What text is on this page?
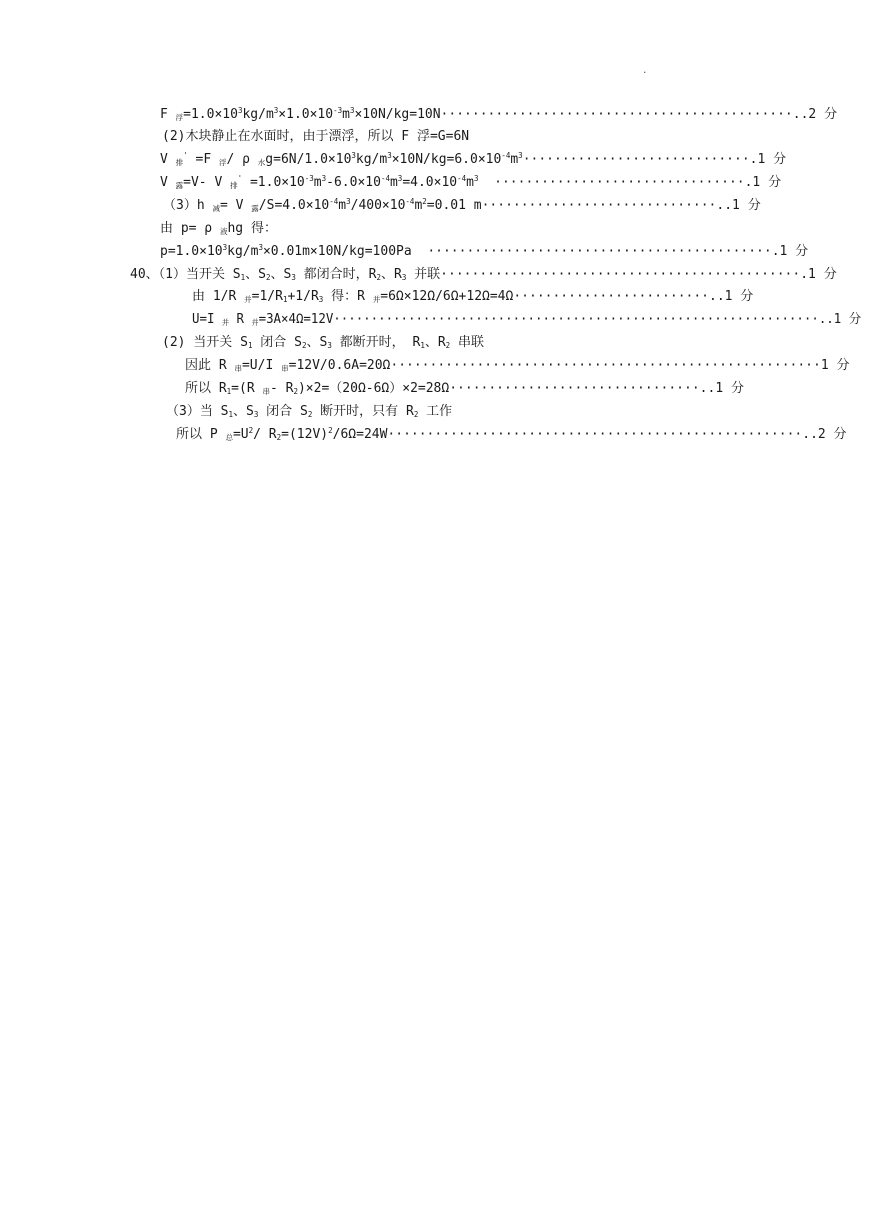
.
F $_浮=1.0\times 10^3kg/m^3\times 1.0\times 10^{-3}m^3\times 10N/kg=10N\cdot\cdot\cdot\cdot\cdot\cdot\cdot\cdot\cdot\cdot\cdot\cdot\cdot\cdot\cdot\cdot\cdot\cdot\cdot\cdot\cdot\cdot\cdot\cdot\cdot\cdot\cdot\cdot\cdot\cdot\cdot\cdot\cdot\cdot\cdot\cdot\cdot\cdot\cdot\cdot\cdot\cdot\cdot\cdot\cdot..2$ 分
(2)木块静止在水面时，由于漂浮，所以 F 浮=G=6N
V $_排$' =F $_浮$/ ρ $_水g=6N/1.0\times 10^3kg/m^3\times 10N/kg=6.0\times 10^{-4}m^3\cdot\cdot\cdot\cdot\cdot\cdot\cdot\cdot\cdot\cdot\cdot\cdot\cdot\cdot\cdot\cdot\cdot\cdot\cdot\cdot\cdot\cdot\cdot\cdot\cdot\cdot\cdot\cdot\cdot.1$ 分
V $_露$=V- V $_排' =1.0\times 10^{-3}m^3-6.0\times 10^{-4}m^3=4.0\times 10^{-4}m^3 \cdot\cdot\cdot\cdot\cdot\cdot\cdot\cdot\cdot\cdot\cdot\cdot\cdot\cdot\cdot\cdot\cdot\cdot\cdot\cdot\cdot\cdot\cdot\cdot\cdot\cdot\cdot\cdot\cdot\cdot\cdot\cdot.1$ 分
（3）h $_减$= V $_露/S=4.0\times 10^{-4}m^3/400\times 10^{-4}m^2=0.01$ m······························..1 分
由 p= ρ $_液$hg 得：
$p=1.0\times 10^3kg/m^3\times 0.01m\times 10N/kg=100Pa \cdot\cdot\cdot\cdot\cdot\cdot\cdot\cdot\cdot\cdot\cdot\cdot\cdot\cdot\cdot\cdot\cdot\cdot\cdot\cdot\cdot\cdot\cdot\cdot\cdot\cdot\cdot\cdot\cdot\cdot\cdot\cdot\cdot\cdot\cdot\cdot\cdot\cdot\cdot\cdot\cdot\cdot\cdot\cdot.1$ 分
40、（1）当开关 $S_1$、$S_2$、$S_3$ 都闭合时，$R_2$、$R_3$ 并联··············································.1 分
由 1/R $_并=1/R_1+1/R_3$ 得：R $_并$=6Ω×12Ω/6Ω+12Ω=4Ω·························..1 分
U=I $_并$ R $_并$=3A×4Ω=12V·································································..1 分
(2) 当开关 $S_1$ 闭合 $S_2$、$S_3$ 都断开时， $R_1$、$R_2$ 串联
因此 R $_串$=U/I $_串$=12V/0.6A=20Ω·······················································1 分
所以 $R_1=(R$ $_串$- $R_2)\times 2=(20\Omega-6\Omega)\times 2=28\Omega\cdot\cdot\cdot\cdot\cdot\cdot\cdot\cdot\cdot\cdot\cdot\cdot\cdot\cdot\cdot\cdot\cdot\cdot\cdot\cdot\cdot\cdot\cdot\cdot\cdot\cdot\cdot\cdot\cdot\cdot\cdot\cdot..1$ 分
（3）当 $S_1$、$S_3$ 闭合 $S_2$ 断开时，只有 $R_2$ 工作
所以 P $_总=U^2/$ $R_2=(12V)^2/6\Omega=24W\cdot\cdot\cdot\cdot\cdot\cdot\cdot\cdot\cdot\cdot\cdot\cdot\cdot\cdot\cdot\cdot\cdot\cdot\cdot\cdot\cdot\cdot\cdot\cdot\cdot\cdot\cdot\cdot\cdot\cdot\cdot\cdot\cdot\cdot\cdot\cdot\cdot\cdot\cdot\cdot\cdot\cdot\cdot\cdot\cdot\cdot\cdot\cdot\cdot\cdot\cdot\cdot\cdot..2$ 分
